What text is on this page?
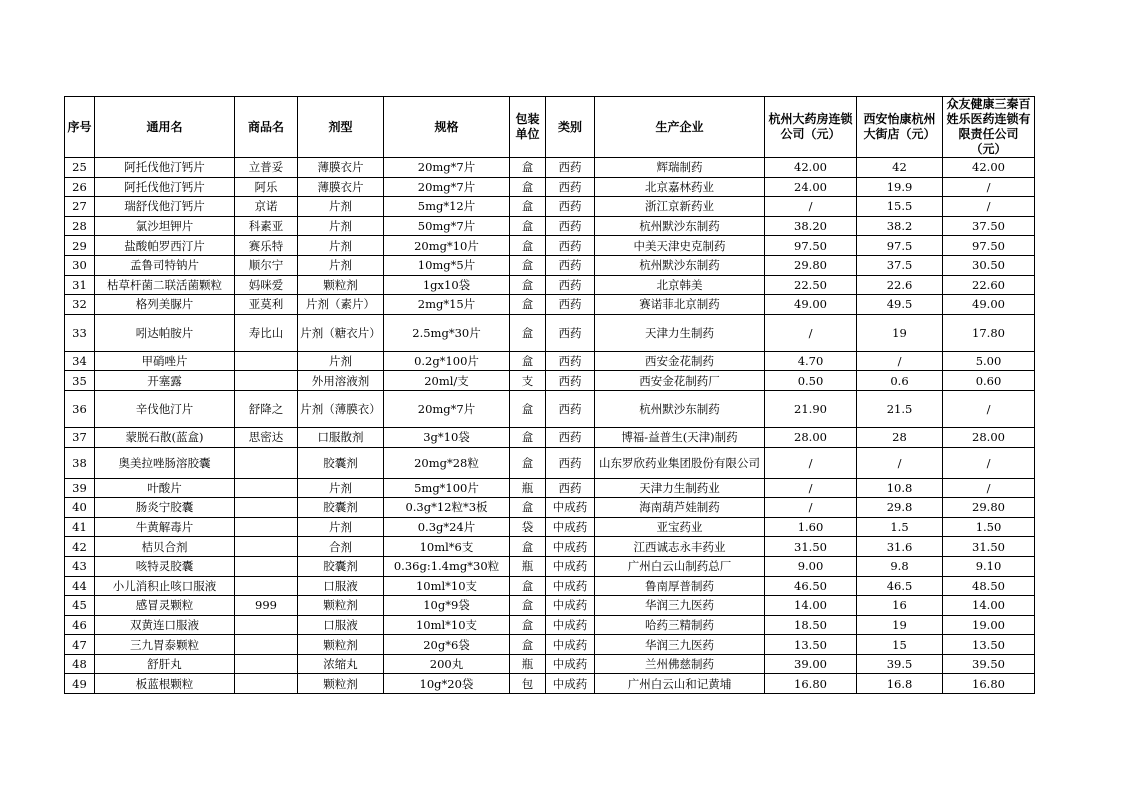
序号	通用名	商品名	剂型	规格	包装单位	类别	生产企业	杭州大药房连锁公司（元）	西安怡康杭州大街店（元）	众友健康三秦百姓乐医药连锁有限责任公司（元）
25	阿托伐他汀钙片	立普妥	薄膜衣片	20mg*7片	盒	西药	辉瑞制药	42.00	42	42.00
26	阿托伐他汀钙片	阿乐	薄膜衣片	20mg*7片	盒	西药	北京嘉林药业	24.00	19.9	/
27	瑞舒伐他汀钙片	京诺	片剂	5mg*12片	盒	西药	浙江京新药业	/	15.5	/
28	氯沙坦钾片	科素亚	片剂	50mg*7片	盒	西药	杭州默沙东制药	38.20	38.2	37.50
29	盐酸帕罗西汀片	赛乐特	片剂	20mg*10片	盒	西药	中美天津史克制药	97.50	97.5	97.50
30	孟鲁司特钠片	顺尔宁	片剂	10mg*5片	盒	西药	杭州默沙东制药	29.80	37.5	30.50
31	枯草杆菌二联活菌颗粒	妈咪爱	颗粒剂	1gx10袋	盒	西药	北京韩美	22.50	22.6	22.60
32	格列美脲片	亚莫利	片剂（素片）	2mg*15片	盒	西药	赛诺菲北京制药	49.00	49.5	49.00
33	吲达帕胺片	寿比山	片剂（糖衣片）	2.5mg*30片	盒	西药	天津力生制药	/	19	17.80
34	甲硝唑片		片剂	0.2g*100片	盒	西药	西安金花制药	4.70	/	5.00
35	开塞露		外用溶液剂	20ml/支	支	西药	西安金花制药厂	0.50	0.6	0.60
36	辛伐他汀片	舒降之	片剂（薄膜衣）	20mg*7片	盒	西药	杭州默沙东制药	21.90	21.5	/
37	蒙脱石散(蓝盒)	思密达	口服散剂	3g*10袋	盒	西药	博福-益普生(天津)制药	28.00	28	28.00
38	奥美拉唑肠溶胶囊		胶囊剂	20mg*28粒	盒	西药	山东罗欣药业集团股份有限公司	/	/	/
39	叶酸片		片剂	5mg*100片	瓶	西药	天津力生制药业	/	10.8	/
40	肠炎宁胶囊		胶囊剂	0.3g*12粒*3板	盒	中成药	海南葫芦娃制药	/	29.8	29.80
41	牛黄解毒片		片剂	0.3g*24片	袋	中成药	亚宝药业	1.60	1.5	1.50
42	桔贝合剂		合剂	10ml*6支	盒	中成药	江西诚志永丰药业	31.50	31.6	31.50
43	咳特灵胶囊		胶囊剂	0.36g:1.4mg*30粒	瓶	中成药	广州白云山制药总厂	9.00	9.8	9.10
44	小儿消积止咳口服液		口服液	10ml*10支	盒	中成药	鲁南厚普制药	46.50	46.5	48.50
45	感冒灵颗粒	999	颗粒剂	10g*9袋	盒	中成药	华润三九医药	14.00	16	14.00
46	双黄连口服液		口服液	10ml*10支	盒	中成药	哈药三精制药	18.50	19	19.00
47	三九胃泰颗粒		颗粒剂	20g*6袋	盒	中成药	华润三九医药	13.50	15	13.50
48	舒肝丸		浓缩丸	200丸	瓶	中成药	兰州佛慈制药	39.00	39.5	39.50
49	板蓝根颗粒		颗粒剂	10g*20袋	包	中成药	广州白云山和记黄埔	16.80	16.8	16.80
